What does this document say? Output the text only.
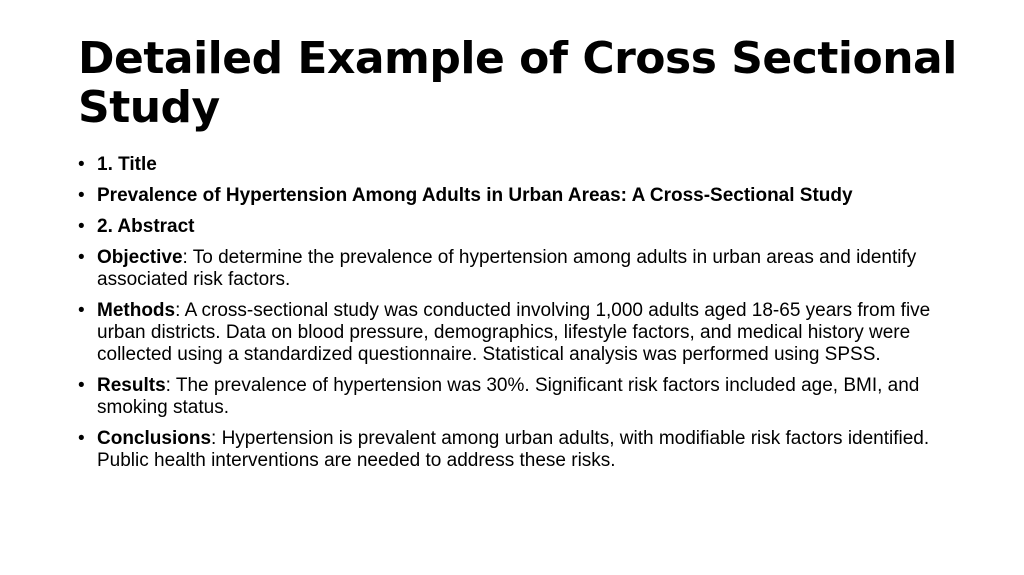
Detailed Example of Cross Sectional Study
• 1. Title
• Prevalence of Hypertension Among Adults in Urban Areas: A Cross-Sectional Study
• 2. Abstract
• Objective: To determine the prevalence of hypertension among adults in urban areas and identify associated risk factors.
• Methods: A cross-sectional study was conducted involving 1,000 adults aged 18-65 years from five urban districts. Data on blood pressure, demographics, lifestyle factors, and medical history were collected using a standardized questionnaire. Statistical analysis was performed using SPSS.
• Results: The prevalence of hypertension was 30%. Significant risk factors included age, BMI, and smoking status.
• Conclusions: Hypertension is prevalent among urban adults, with modifiable risk factors identified. Public health interventions are needed to address these risks.
